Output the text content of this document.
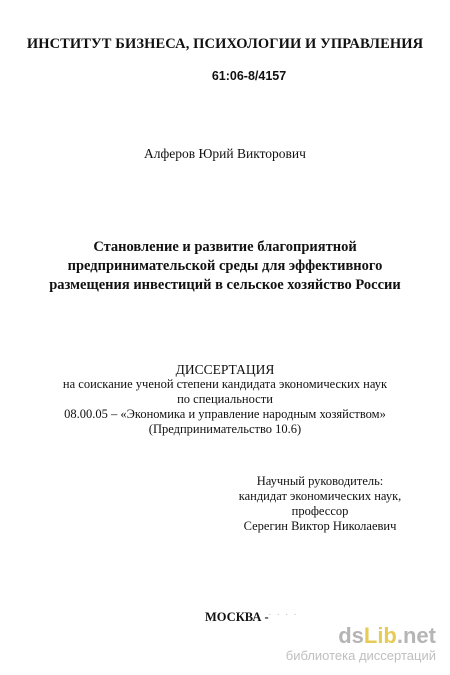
ИНСТИТУТ БИЗНЕСА, ПСИХОЛОГИИ И УПРАВЛЕНИЯ
61:06-8/4157
Алферов Юрий Викторович
Становление и развитие благоприятной
предпринимательской среды для эффективного
размещения инвестиций в сельское хозяйство России
ДИССЕРТАЦИЯ
на соискание ученой степени кандидата экономических наук
по специальности
08.00.05 – «Экономика и управление народным хозяйством»
(Предпринимательство 10.6)
Научный руководитель:
кандидат экономических наук, профессор
Серегин Виктор Николаевич
МОСКВА - · · · ·
dsLib.net
библиотека диссертаций
